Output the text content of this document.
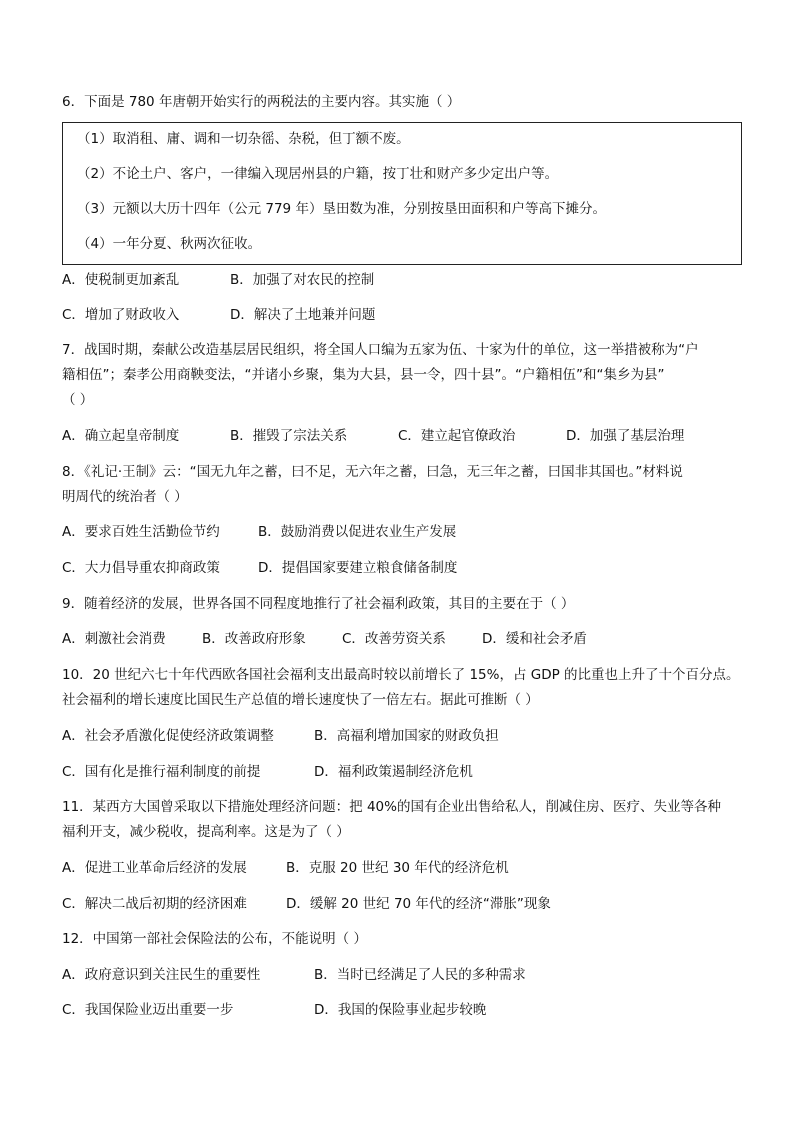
6．下面是 780 年唐朝开始实行的两税法的主要内容。其实施（ ）
（1）取消租、庸、调和一切杂徭、杂税，但丁额不废。
（2）不论土户、客户，一律编入现居州县的户籍，按丁壮和财产多少定出户等。
（3）元额以大历十四年（公元 779 年）垦田数为准，分别按垦田面积和户等高下摊分。
（4）一年分夏、秋两次征收。
A．使税制更加紊乱	B．加强了对农民的控制
C．增加了财政收入	D．解决了土地兼并问题
7．战国时期，秦献公改造基层居民组织，将全国人口编为五家为伍、十家为什的单位，这一举措被称为“户
籍相伍”；秦孝公用商鞅变法，“并诸小乡聚，集为大县，县一令，四十县”。“户籍相伍”和“集乡为县”
（ ）
A．确立起皇帝制度	B．摧毁了宗法关系	C．建立起官僚政治	D．加强了基层治理
8．《礼记·王制》云：“国无九年之蓄，曰不足，无六年之蓄，曰急，无三年之蓄，曰国非其国也。”材料说
明周代的统治者（ ）
A．要求百姓生活勤俭节约	B．鼓励消费以促进农业生产发展
C．大力倡导重农抑商政策	D．提倡国家要建立粮食储备制度
9．随着经济的发展，世界各国不同程度地推行了社会福利政策，其目的主要在于（ ）
A．刺激社会消费	B．改善政府形象	C．改善劳资关系	D．缓和社会矛盾
10．20 世纪六七十年代西欧各国社会福利支出最高时较以前增长了 15%，占 GDP 的比重也上升了十个百分点。
社会福利的增长速度比国民生产总值的增长速度快了一倍左右。据此可推断（ ）
A．社会矛盾激化促使经济政策调整	B．高福利增加国家的财政负担
C．国有化是推行福利制度的前提	D．福利政策遏制经济危机
11．某西方大国曾采取以下措施处理经济问题：把 40%的国有企业出售给私人，削减住房、医疗、失业等各种
福利开支，减少税收，提高利率。这是为了（ ）
A．促进工业革命后经济的发展	B．克服 20 世纪 30 年代的经济危机
C．解决二战后初期的经济困难	D．缓解 20 世纪 70 年代的经济“滞胀”现象
12．中国第一部社会保险法的公布，不能说明（ ）
A．政府意识到关注民生的重要性	B．当时已经满足了人民的多种需求
C．我国保险业迈出重要一步	D．我国的保险事业起步较晚
